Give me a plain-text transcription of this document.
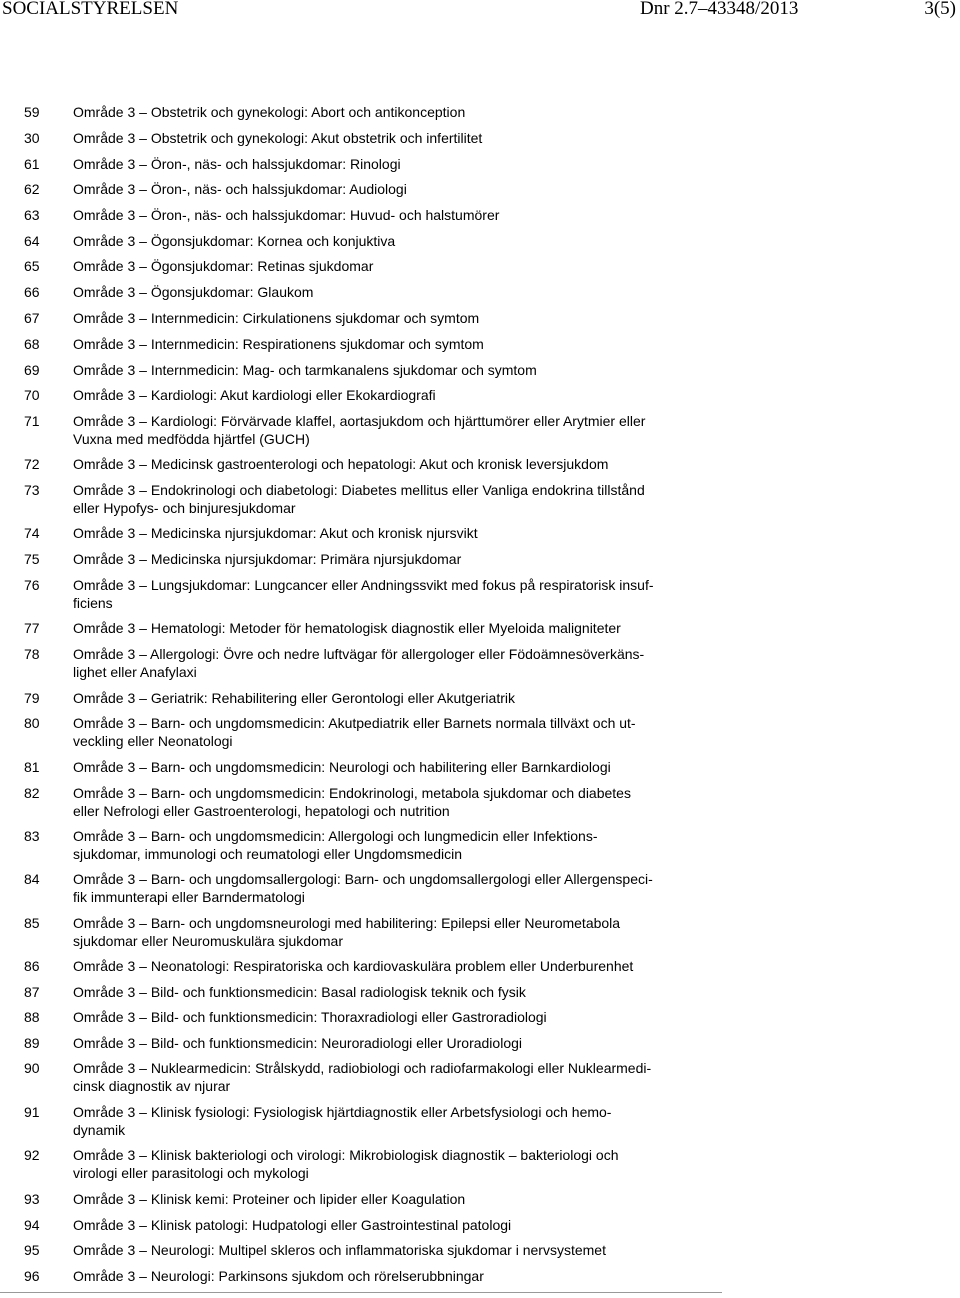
SOCIALSTYRELSEN	Dnr 2.7–43348/2013	3(5)
59 Område 3 – Obstetrik och gynekologi: Abort och antikonception
30 Område 3 – Obstetrik och gynekologi: Akut obstetrik och infertilitet
61 Område 3 – Öron-, näs- och halssjukdomar: Rinologi
62 Område 3 – Öron-, näs- och halssjukdomar: Audiologi
63 Område 3 – Öron-, näs- och halssjukdomar: Huvud- och halstumörer
64 Område 3 – Ögonsjukdomar: Kornea och konjuktiva
65 Område 3 – Ögonsjukdomar: Retinas sjukdomar
66 Område 3 – Ögonsjukdomar: Glaukom
67 Område 3 – Internmedicin: Cirkulationens sjukdomar och symtom
68 Område 3 – Internmedicin: Respirationens sjukdomar och symtom
69 Område 3 – Internmedicin: Mag- och tarmkanalens sjukdomar och symtom
70 Område 3 – Kardiologi: Akut kardiologi eller Ekokardiografi
71 Område 3 – Kardiologi: Förvärvade klaffel, aortasjukdom och hjärttumörer eller Arytmier eller
Vuxna med medfödda hjärtfel (GUCH)
72 Område 3 – Medicinsk gastroenterologi och hepatologi: Akut och kronisk leversjukdom
73 Område 3 – Endokrinologi och diabetologi: Diabetes mellitus eller Vanliga endokrina tillstånd
eller Hypofys- och binjuresjukdomar
74 Område 3 – Medicinska njursjukdomar: Akut och kronisk njursvikt
75 Område 3 – Medicinska njursjukdomar: Primära njursjukdomar
76 Område 3 – Lungsjukdomar: Lungcancer eller Andningssvikt med fokus på respiratorisk insuf-
ficiens
77 Område 3 – Hematologi: Metoder för hematologisk diagnostik eller Myeloida maligniteter
78 Område 3 – Allergologi: Övre och nedre luftvägar för allergologer eller Födoämnesöverkäns-
lighet eller Anafylaxi
79 Område 3 – Geriatrik: Rehabilitering eller Gerontologi eller Akutgeriatrik
80 Område 3 – Barn- och ungdomsmedicin: Akutpediatrik eller Barnets normala tillväxt och ut-
veckling eller Neonatologi
81 Område 3 – Barn- och ungdomsmedicin: Neurologi och habilitering eller Barnkardiologi
82 Område 3 – Barn- och ungdomsmedicin: Endokrinologi, metabola sjukdomar och diabetes
eller Nefrologi eller Gastroenterologi, hepatologi och nutrition
83 Område 3 – Barn- och ungdomsmedicin: Allergologi och lungmedicin eller Infektions-
sjukdomar, immunologi och reumatologi eller Ungdomsmedicin
84 Område 3 – Barn- och ungdomsallergologi: Barn- och ungdomsallergologi eller Allergenspeci-
fik immunterapi eller Barndermatologi
85 Område 3 – Barn- och ungdomsneurologi med habilitering: Epilepsi eller Neurometabola
sjukdomar eller Neuromuskulära sjukdomar
86 Område 3 – Neonatologi: Respiratoriska och kardiovaskulära problem eller Underburenhet
87 Område 3 – Bild- och funktionsmedicin: Basal radiologisk teknik och fysik
88 Område 3 – Bild- och funktionsmedicin: Thoraxradiologi eller Gastroradiologi
89 Område 3 – Bild- och funktionsmedicin: Neuroradiologi eller Uroradiologi
90 Område 3 – Nuklearmedicin: Strålskydd, radiobiologi och radiofarmakologi eller Nuklearmedi-
cinsk diagnostik av njurar
91 Område 3 – Klinisk fysiologi: Fysiologisk hjärtdiagnostik eller Arbetsfysiologi och hemo-
dynamik
92 Område 3 – Klinisk bakteriologi och virologi: Mikrobiologisk diagnostik – bakteriologi och
virologi eller parasitologi och mykologi
93 Område 3 – Klinisk kemi: Proteiner och lipider eller Koagulation
94 Område 3 – Klinisk patologi: Hudpatologi eller Gastrointestinal patologi
95 Område 3 – Neurologi: Multipel skleros och inflammatoriska sjukdomar i nervsystemet
96 Område 3 – Neurologi: Parkinsons sjukdom och rörelserubbningar
